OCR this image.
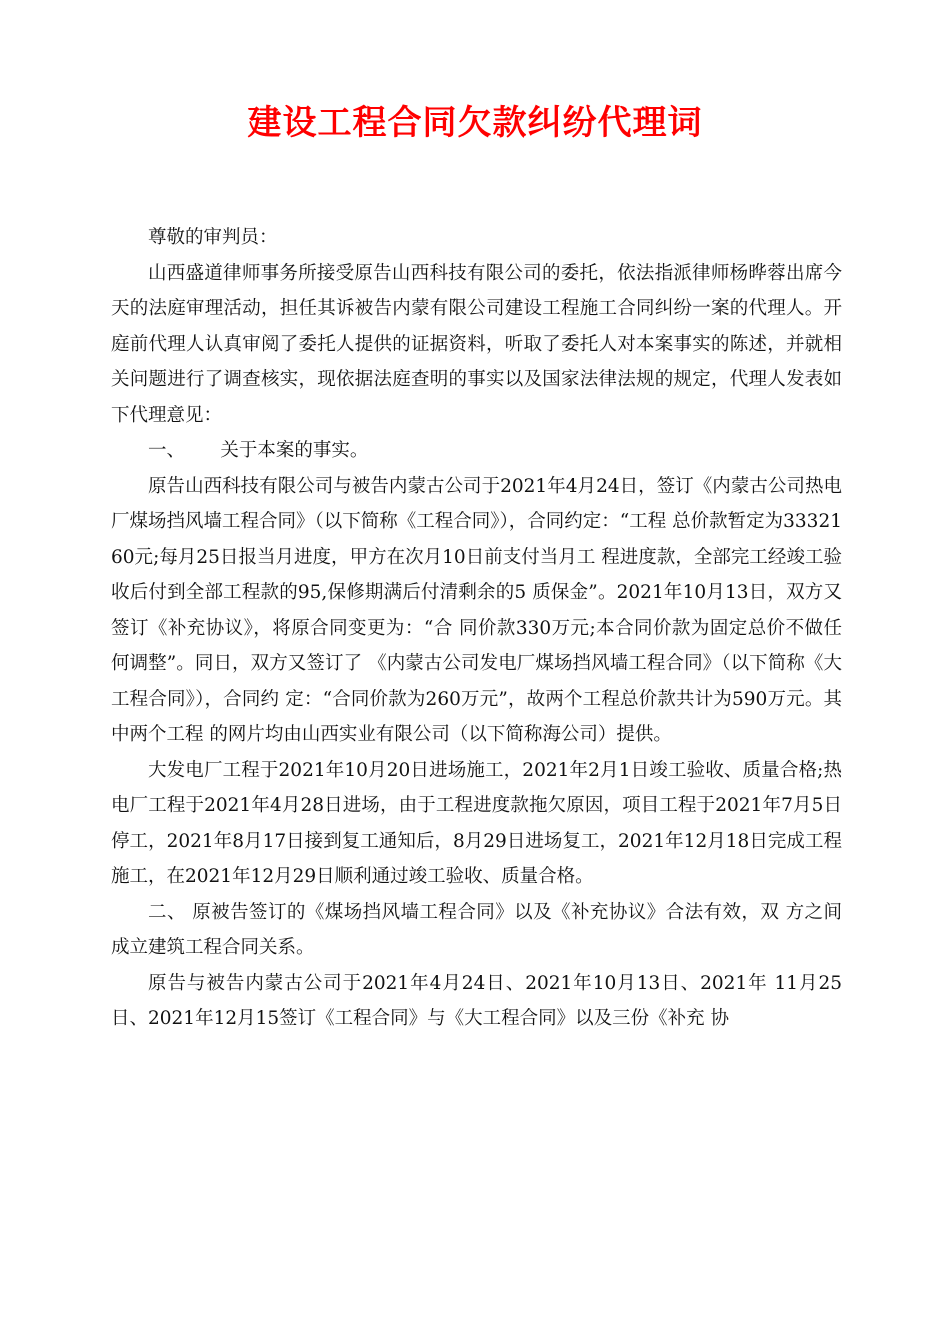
建设工程合同欠款纠纷代理词

尊敬的审判员：

山西盛道律师事务所接受原告山西科技有限公司的委托，依法指派律师杨晔蓉出席今天的法庭审理活动，担任其诉被告内蒙有限公司建设工程施工合同纠纷一案的代理人。开庭前代理人认真审阅了委托人提供的证据资料，听取了委托人对本案事实的陈述，并就相关问题进行了调查核实，现依据法庭查明的事实以及国家法律法规的规定，代理人发表如下代理意见：

一、 关于本案的事实。

原告山西科技有限公司与被告内蒙古公司于2021年4月24日，签订《内蒙古公司热电厂煤场挡风墙工程合同》（以下简称《工程合同》），合同约定：“工程 总价款暂定为3332160元;每月25日报当月进度，甲方在次月10日前支付当月工 程进度款，全部完工经竣工验收后付到全部工程款的95,保修期满后付清剩余的5 质保金”。2021年10月13日，双方又签订《补充协议》，将原合同变更为：“合 同价款330万元;本合同价款为固定总价不做任何调整”。同日，双方又签订了 《内蒙古公司发电厂煤场挡风墙工程合同》（以下简称《大工程合同》），合同约 定：“合同价款为260万元”，故两个工程总价款共计为590万元。其中两个工程 的网片均由山西实业有限公司（以下简称海公司）提供。

大发电厂工程于2021年10月20日进场施工，2021年2月1日竣工验收、质量合格;热电厂工程于2021年4月28日进场，由于工程进度款拖欠原因，项目工程于2021年7月5日停工，2021年8月17日接到复工通知后，8月29日进场复工，2021年12月18日完成工程施工，在2021年12月29日顺利通过竣工验收、质量合格。

二、 原被告签订的《煤场挡风墙工程合同》以及《补充协议》合法有效，双 方之间成立建筑工程合同关系。

原告与被告内蒙古公司于2021年4月24日、2021年10月13日、2021年 11月25日、2021年12月15签订《工程合同》与《大工程合同》以及三份《补充 协
